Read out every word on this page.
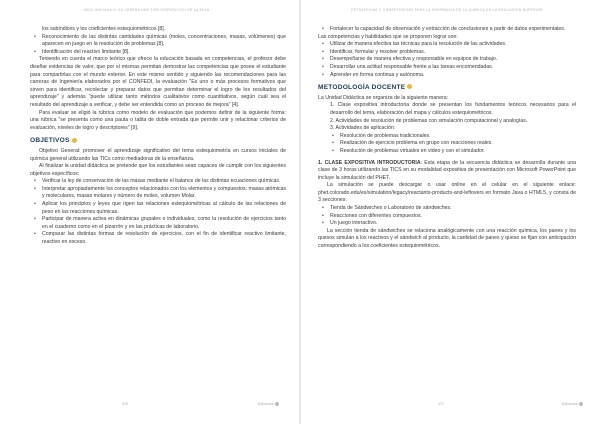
MISC INICIADA III SO LEBRRA UNE 2025 DISPOSICIÓN DE LA AULA
los subíndices y los coeficientes estequiométricos [8].
• Reconocimiento de las distintas cantidades químicas (moles, concentraciones, masas, volúmenes) que aparecen en juego en la resolución de problemas [8].
• Identificación del reactivo limitante [8].

Teniendo en cuenta el marco teórico que ofrece la educación basada en competencias, el profesor debe diseñar evidencias de valor, que por sí mismas permitan demostrar las competencias que posee el estudiante para compartirlas con el mundo exterior. En este mismo sentido y siguiendo las recomendaciones para las carreras de Ingeniería elaborados por el CONFEDI, la evaluación "Es uno o más procesos formativos que sirven para identificar, recolectar y preparar datos que permitan determinar el logro de los resultados del aprendizaje" y además "puede utilizar tanto métodos cualitativos como cuantitativos, según cuál sea el resultado del aprendizaje a verificar, y debe ser entendida como un proceso de mejora" [4].

Para evaluar se eligió la rúbrica como modelo de evaluación que podemos definir de la siguiente forma: una rúbrica "se presenta como una pauta o tabla de doble entrada que permite unir y relacionar criterios de evaluación, niveles de logro y descriptores" [9].

OBJETIVOS

Objetivo General: promover el aprendizaje significativo del tema estequiometría en cursos iniciales de química general utilizando las TICs como mediadoras de la enseñanza.

Al finalizar la unidad didáctica se pretende que los estudiantes sean capaces de cumplir con los siguientes objetivos específicos:

• Verificar la ley de conservación de las masas mediante el balance de las distintas ecuaciones químicas.
• Interpretar apropiadamente los conceptos relacionados con los elementos y compuestos: masas atómicas y moleculares, masas molares y número de moles, volumen Molar.
• Aplicar los principios y leyes que rigen las relaciones estequiométricas al cálculo de las relaciones de peso en las reacciones químicas.
• Participar de manera activa en dinámicas grupales o individuales, como la resolución de ejercicios tanto en el cuaderno como en el pizarrón y en las prácticas de laboratorio.
• Comparar las distintas formas de resolución de ejercicios, con el fin de identificar reactivo limitante, reactivo en exceso.
476	Ediciones
ESTRATEGIAS Y COMPETENCIAS PARA LA ENSEÑANZA DE LA QUÍMICA EN LA EDUCACIÓN SUPERIOR
• Fortalecer la capacidad de observación y extracción de conclusiones a partir de datos experimentales.

Las competencias y habilidades que se proponen lograr son:

• Utilizar de manera efectiva las técnicas para la resolución de las actividades.
• Identificar, formular y resolver problemas.
• Desempeñarse de manera efectiva y responsable en equipos de trabajo.
• Desarrollar una actitud responsable frente a las tareas encomendadas.
• Aprender en forma continua y autónoma.
METODOLOGÍA DOCENTE

La Unidad Didáctica se organiza de la siguiente manera:

1. Clase expositiva introductoria donde se presentan los fundamentos teóricos necesarios para el desarrollo del tema, elaboración del mapa y cálculos estequiométricos.
2. Actividades de resolución de problemas con simulación computacional y analogías.
3. Actividades de aplicación:
• Resolución de problemas tradicionales.
• Realización de ejercicio problema en grupo con reacciones reales.
• Resolución de problemas virtuales en video y con el simulador.

1. CLASE EXPOSITIVA INTRODUCTORIA: Esta etapa de la secuencia didáctica se desarrolla durante una clase de 3 horas utilizando las TICS en su modalidad expositiva de presentación con Microsoft PowerPoint que incluye la simulación del PHET.

La simulación se puede descargar o usar online en el celular en el siguiente enlace: phet.colorado.edu/es/simulation/legacy/reactants-products-and-leftovers en formato Java o HTML5, y consta de 3 secciones:

• Tienda de Sándwiches o Laboratorio de sándwiches.
• Reacciones con diferentes compuestos.
• Un juego interactivo.

La sección tienda de sándwiches se relaciona analógicamente con una reacción química, los panes y los quesos simulan a los reactivos y el sándwich al producto, la cantidad de panes y queso se fijan con anticipación correspondiendo a los coeficientes estequiométricos.

477	Ediciones
